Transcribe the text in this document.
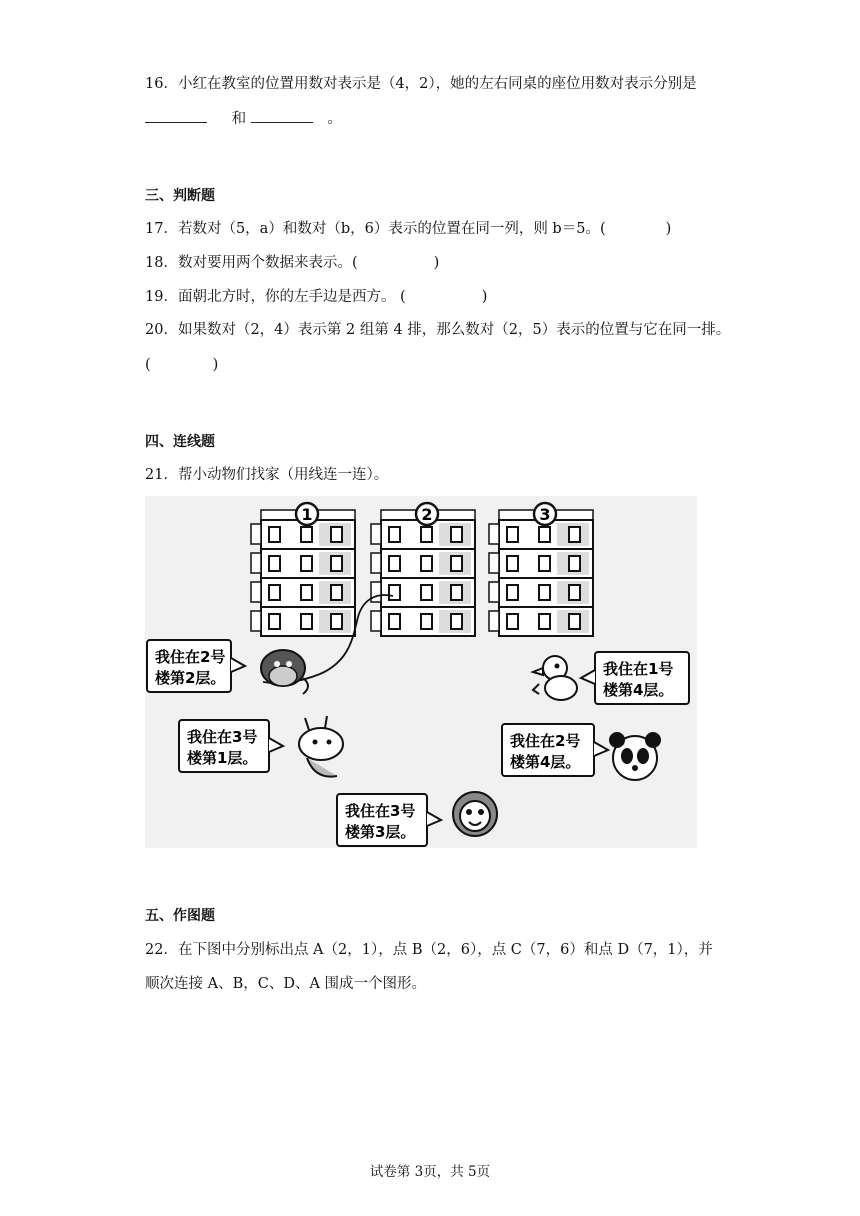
16．小红在教室的位置用数对表示是（4，2），她的左右同桌的座位用数对表示分别是
和	。
三、判断题
17．若数对（5，a）和数对（b，6）表示的位置在同一列，则 b＝5。(	)
18．数对要用两个数据来表示。(	)
19．面朝北方时，你的左手边是西方。 (	)
20．如果数对（2，4）表示第 2 组第 4 排，那么数对（2，5）表示的位置与它在同一排。
(	)
四、连线题
21．帮小动物们找家（用线连一连）。
1	2	3
我住在2号
楼第2层。	我住在1号
楼第4层。
我住在3号
楼第1层。
我住在2号
楼第4层。
我住在3号
楼第3层。
五、作图题
22．在下图中分别标出点 A（2，1），点 B（2，6），点 C（7，6）和点 D（7，1），并
顺次连接 A、B，C、D、A 围成一个图形。
试卷第 3页，共 5页
